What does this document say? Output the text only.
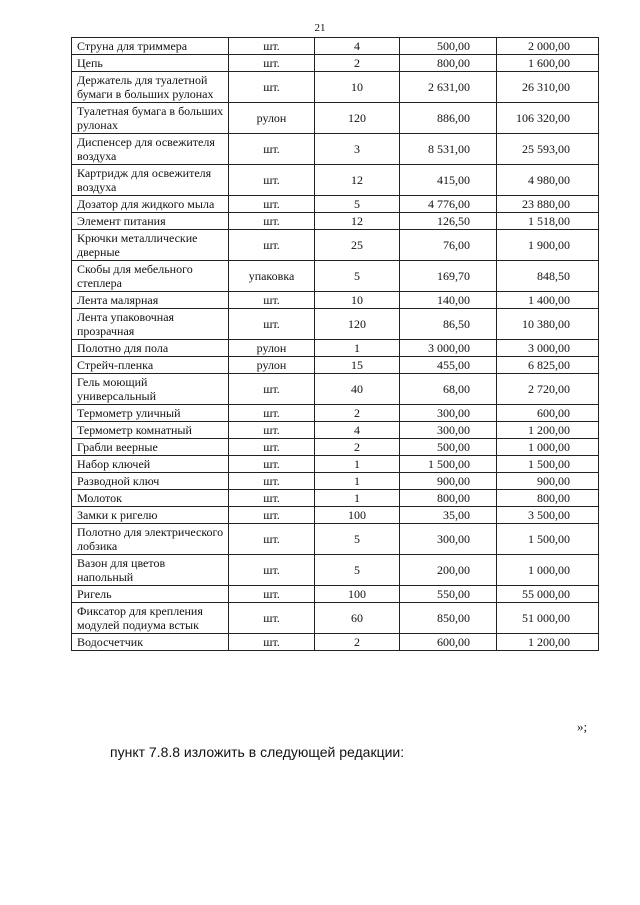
21
Струна для триммера	шт.	4	500,00	2 000,00
Цепь	шт.	2	800,00	1 600,00
Держатель для туалетной бумаги в больших рулонах	шт.	10	2 631,00	26 310,00
Туалетная бумага в больших рулонах	рулон	120	886,00	106 320,00
Диспенсер для освежителя воздуха	шт.	3	8 531,00	25 593,00
Картридж для освежителя воздуха	шт.	12	415,00	4 980,00
Дозатор для жидкого мыла	шт.	5	4 776,00	23 880,00
Элемент питания	шт.	12	126,50	1 518,00
Крючки металлические дверные	шт.	25	76,00	1 900,00
Скобы для мебельного степлера	упаковка	5	169,70	848,50
Лента малярная	шт.	10	140,00	1 400,00
Лента упаковочная прозрачная	шт.	120	86,50	10 380,00
Полотно для пола	рулон	1	3 000,00	3 000,00
Стрейч-пленка	рулон	15	455,00	6 825,00
Гель моющий универсальный	шт.	40	68,00	2 720,00
Термометр уличный	шт.	2	300,00	600,00
Термометр комнатный	шт.	4	300,00	1 200,00
Грабли веерные	шт.	2	500,00	1 000,00
Набор ключей	шт.	1	1 500,00	1 500,00
Разводной ключ	шт.	1	900,00	900,00
Молоток	шт.	1	800,00	800,00
Замки к ригелю	шт.	100	35,00	3 500,00
Полотно для электрического лобзика	шт.	5	300,00	1 500,00
Вазон для цветов напольный	шт.	5	200,00	1 000,00
Ригель	шт.	100	550,00	55 000,00
Фиксатор для крепления модулей подиума встык	шт.	60	850,00	51 000,00
Водосчетчик	шт.	2	600,00	1 200,00
»;
пункт 7.8.8 изложить в следующей редакции:
